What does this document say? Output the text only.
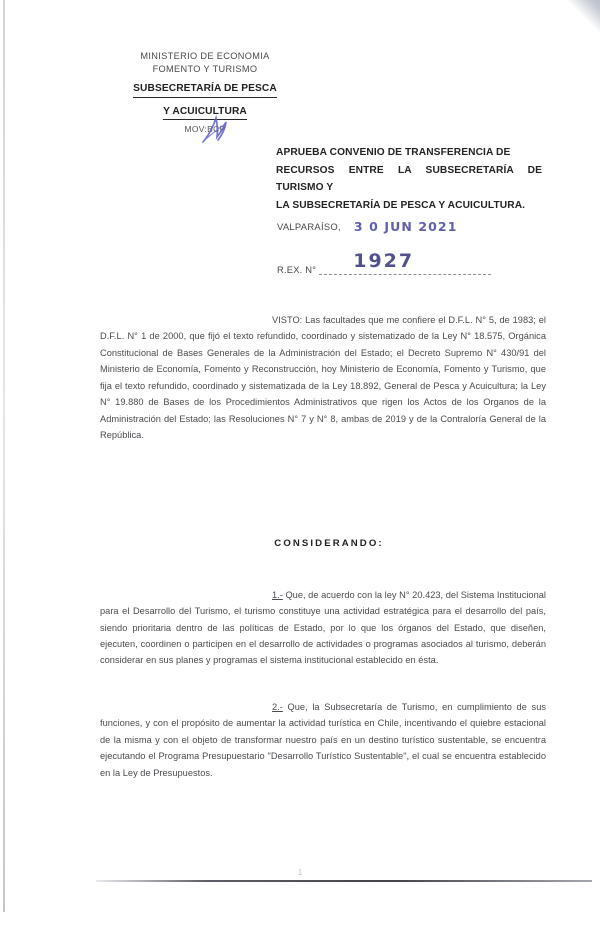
MINISTERIO DE ECONOMIA
FOMENTO Y TURISMO
SUBSECRETARÍA DE PESCA
Y ACUICULTURA
MOV:BCP
APRUEBA CONVENIO DE TRANSFERENCIA DE
RECURSOS ENTRE LA SUBSECRETARÍA DE TURISMO Y
LA SUBSECRETARÍA DE PESCA Y ACUICULTURA.
VALPARAÍSO, 3 0 JUN 2021
R.EX. N° 1927

VISTO: Las facultades que me confiere el D.F.L. N° 5, de 1983; el D.F.L. N° 1 de 2000, que fijó el texto refundido, coordinado y sistematizado de la Ley N° 18.575, Orgánica Constitucional de Bases Generales de la Administración del Estado; el Decreto Supremo N° 430/91 del Ministerio de Economía, Fomento y Reconstrucción, hoy Ministerio de Economía, Fomento y Turismo, que fija el texto refundido, coordinado y sistematizada de la Ley 18.892, General de Pesca y Acuicultura; la Ley N° 19.880 de Bases de los Procedimientos Administrativos que rigen los Actos de los Organos de la Administración del Estado; las Resoluciones N° 7 y N° 8, ambas de 2019 y de la Contraloría General de la República.

CONSIDERANDO:

1.- Que, de acuerdo con la ley N° 20.423, del Sistema Institucional para el Desarrollo del Turismo, el turismo constituye una actividad estratégica para el desarrollo del país, siendo prioritaria dentro de las políticas de Estado, por lo que los órganos del Estado, que diseñen, ejecuten, coordinen o participen en el desarrollo de actividades o programas asociados al turismo, deberán considerar en sus planes y programas el sistema institucional establecido en ésta.

2.- Que, la Subsecretaría de Turismo, en cumplimiento de sus funciones, y con el propósito de aumentar la actividad turística en Chile, incentivando el quiebre estacional de la misma y con el objeto de transformar nuestro país en un destino turístico sustentable, se encuentra ejecutando el Programa Presupuestario "Desarrollo Turístico Sustentable", el cual se encuentra establecido en la Ley de Presupuestos.

1
